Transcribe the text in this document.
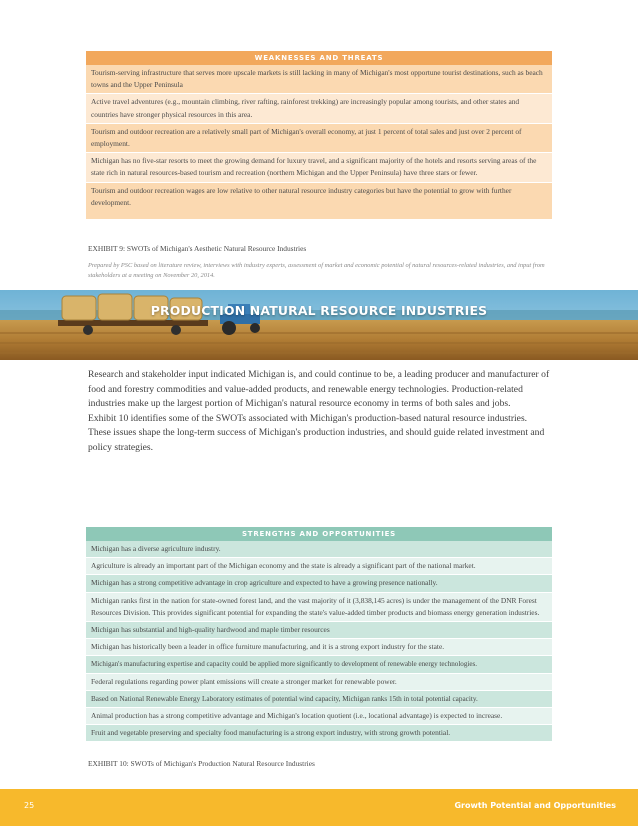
WEAKNESSES AND THREATS
Tourism-serving infrastructure that serves more upscale markets is still lacking in many of Michigan's most opportune tourist destinations, such as beach towns and the Upper Peninsula
Active travel adventures (e.g., mountain climbing, river rafting, rainforest trekking) are increasingly popular among tourists, and other states and countries have stronger physical resources in this area.
Tourism and outdoor recreation are a relatively small part of Michigan's overall economy, at just 1 percent of total sales and just over 2 percent of employment.
Michigan has no five-star resorts to meet the growing demand for luxury travel, and a significant majority of the hotels and resorts serving areas of the state rich in natural resources-based tourism and recreation (northern Michigan and the Upper Peninsula) have three stars or fewer.
Tourism and outdoor recreation wages are low relative to other natural resource industry categories but have the potential to grow with further development.
EXHIBIT 9: SWOTs of Michigan's Aesthetic Natural Resource Industries
Prepared by PSC based on literature review, interviews with industry experts, assessment of market and economic potential of natural resources-related industries, and input from stakeholders at a meeting on November 20, 2014.
PRODUCTION NATURAL RESOURCE INDUSTRIES

Research and stakeholder input indicated Michigan is, and could continue to be, a leading producer and manufacturer of food and forestry commodities and value-added products, and renewable energy technologies. Production-related industries make up the largest portion of Michigan's natural resource economy in terms of both sales and jobs.

Exhibit 10 identifies some of the SWOTs associated with Michigan's production-based natural resource industries. These issues shape the long-term success of Michigan's production industries, and should guide related investment and policy strategies.

STRENGTHS AND OPPORTUNITIES
Michigan has a diverse agriculture industry.
Agriculture is already an important part of the Michigan economy and the state is already a significant part of the national market.
Michigan has a strong competitive advantage in crop agriculture and expected to have a growing presence nationally.
Michigan ranks first in the nation for state-owned forest land, and the vast majority of it (3,838,145 acres) is under the management of the DNR Forest Resources Division. This provides significant potential for expanding the state's value-added timber products and biomass energy generation industries.
Michigan has substantial and high-quality hardwood and maple timber resources
Michigan has historically been a leader in office furniture manufacturing, and it is a strong export industry for the state.
Michigan's manufacturing expertise and capacity could be applied more significantly to development of renewable energy technologies.
Federal regulations regarding power plant emissions will create a stronger market for renewable power.
Based on National Renewable Energy Laboratory estimates of potential wind capacity, Michigan ranks 15th in total potential capacity.
Animal production has a strong competitive advantage and Michigan's location quotient (i.e., locational advantage) is expected to increase.
Fruit and vegetable preserving and specialty food manufacturing is a strong export industry, with strong growth potential.
EXHIBIT 10: SWOTs of Michigan's Production Natural Resource Industries
25	Growth Potential and Opportunities
